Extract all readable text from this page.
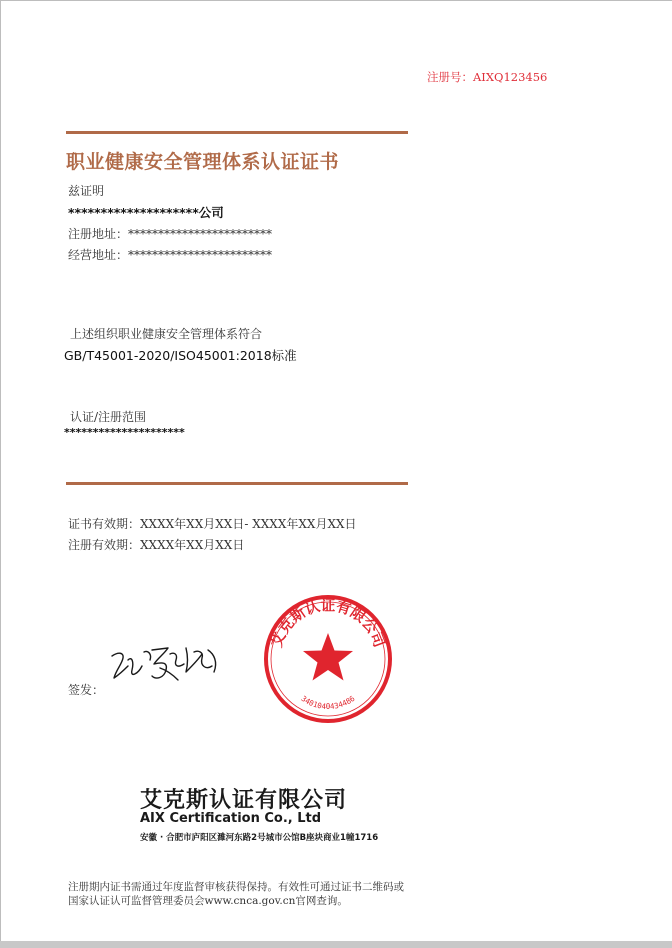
注册号：AIXQ123456
职业健康安全管理体系认证证书
兹证明
********************公司
注册地址：************************
经营地址：************************
上述组织职业健康安全管理体系符合
GB/T45001-2020/ISO45001:2018标准
认证/注册范围
*********************
证书有效期：XXXX年XX月XX日- XXXX年XX月XX日
注册有效期：XXXX年XX月XX日
签发：
艾克斯认证有限公司
3401040434486
艾克斯认证有限公司
AIX Certification Co., Ltd
安徽 · 合肥市庐阳区濉河东路2号城市公馆B座块商业1幢1716
注册期内证书需通过年度监督审核获得保持。有效性可通过证书二维码或国家认证认可监督管理委员会www.cnca.gov.cn官网查询。
